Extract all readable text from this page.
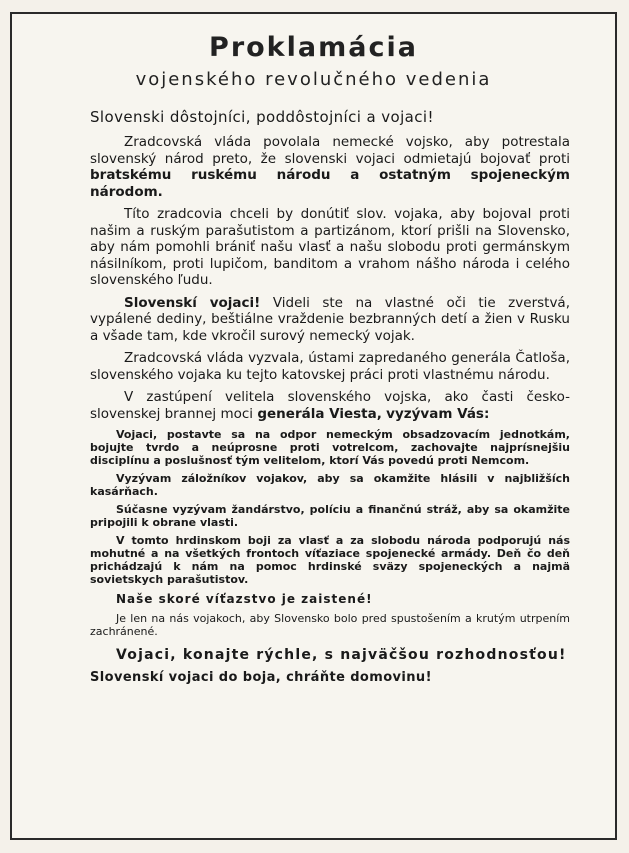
Proklamácia
vojenského revolučného vedenia
Slovenski dôstojníci, poddôstojníci a vojaci!

Zradcovská vláda povolala nemecké vojsko, aby potrestala slovenský národ preto, že slovenski vojaci odmietajú bojovať proti bratskému ruskému národu a ostatným spojeneckým národom.

Títo zradcovia chceli by donútiť slov. vojaka, aby bojoval proti našim a ruským parašutistom a partizánom, ktorí prišli na Slovensko, aby nám pomohli brániť našu vlasť a našu slobodu proti germánskym násilníkom, proti lupičom, banditom a vrahom nášho národa i celého slovenského ľudu.

Slovenskí vojaci! Videli ste na vlastné oči tie zverstvá, vypálené dediny, beštiálne vraždenie bezbranných detí a žien v Rusku a všade tam, kde vkročil surový nemecký vojak.

Zradcovská vláda vyzvala, ústami zapredaného generála Čatloša, slovenského vojaka ku tejto katovskej práci proti vlastnému národu.

V zastúpení velitela slovenského vojska, ako časti česko-slovenskej brannej moci generála Viesta, vyzývam Vás:

Vojaci, postavte sa na odpor nemeckým obsadzovacím jednotkám, bojujte tvrdo a neúprosne proti votrelcom, zachovajte najprísnejšiu disciplínu a poslušnosť tým velitelom, ktorí Vás povedú proti Nemcom.

Vyzývam záložníkov vojakov, aby sa okamžite hlásili v najbližších kasárňach.

Súčasne vyzývam žandárstvo, políciu a finančnú stráž, aby sa okamžite pripojili k obrane vlasti.

V tomto hrdinskom boji za vlasť a za slobodu národa podporujú nás mohutné a na všetkých frontoch víťaziace spojenecké armády. Deň čo deň prichádzajú k nám na pomoc hrdinské sväzy spojeneckých a najmä sovietskych parašutistov.

Naše skoré víťazstvo je zaistené!

Je len na nás vojakoch, aby Slovensko bolo pred spustošením a krutým utrpením zachránené.

Vojaci, konajte rýchle, s najväčšou rozhodnosťou!
Slovenskí vojaci do boja, chráňte domovinu!
